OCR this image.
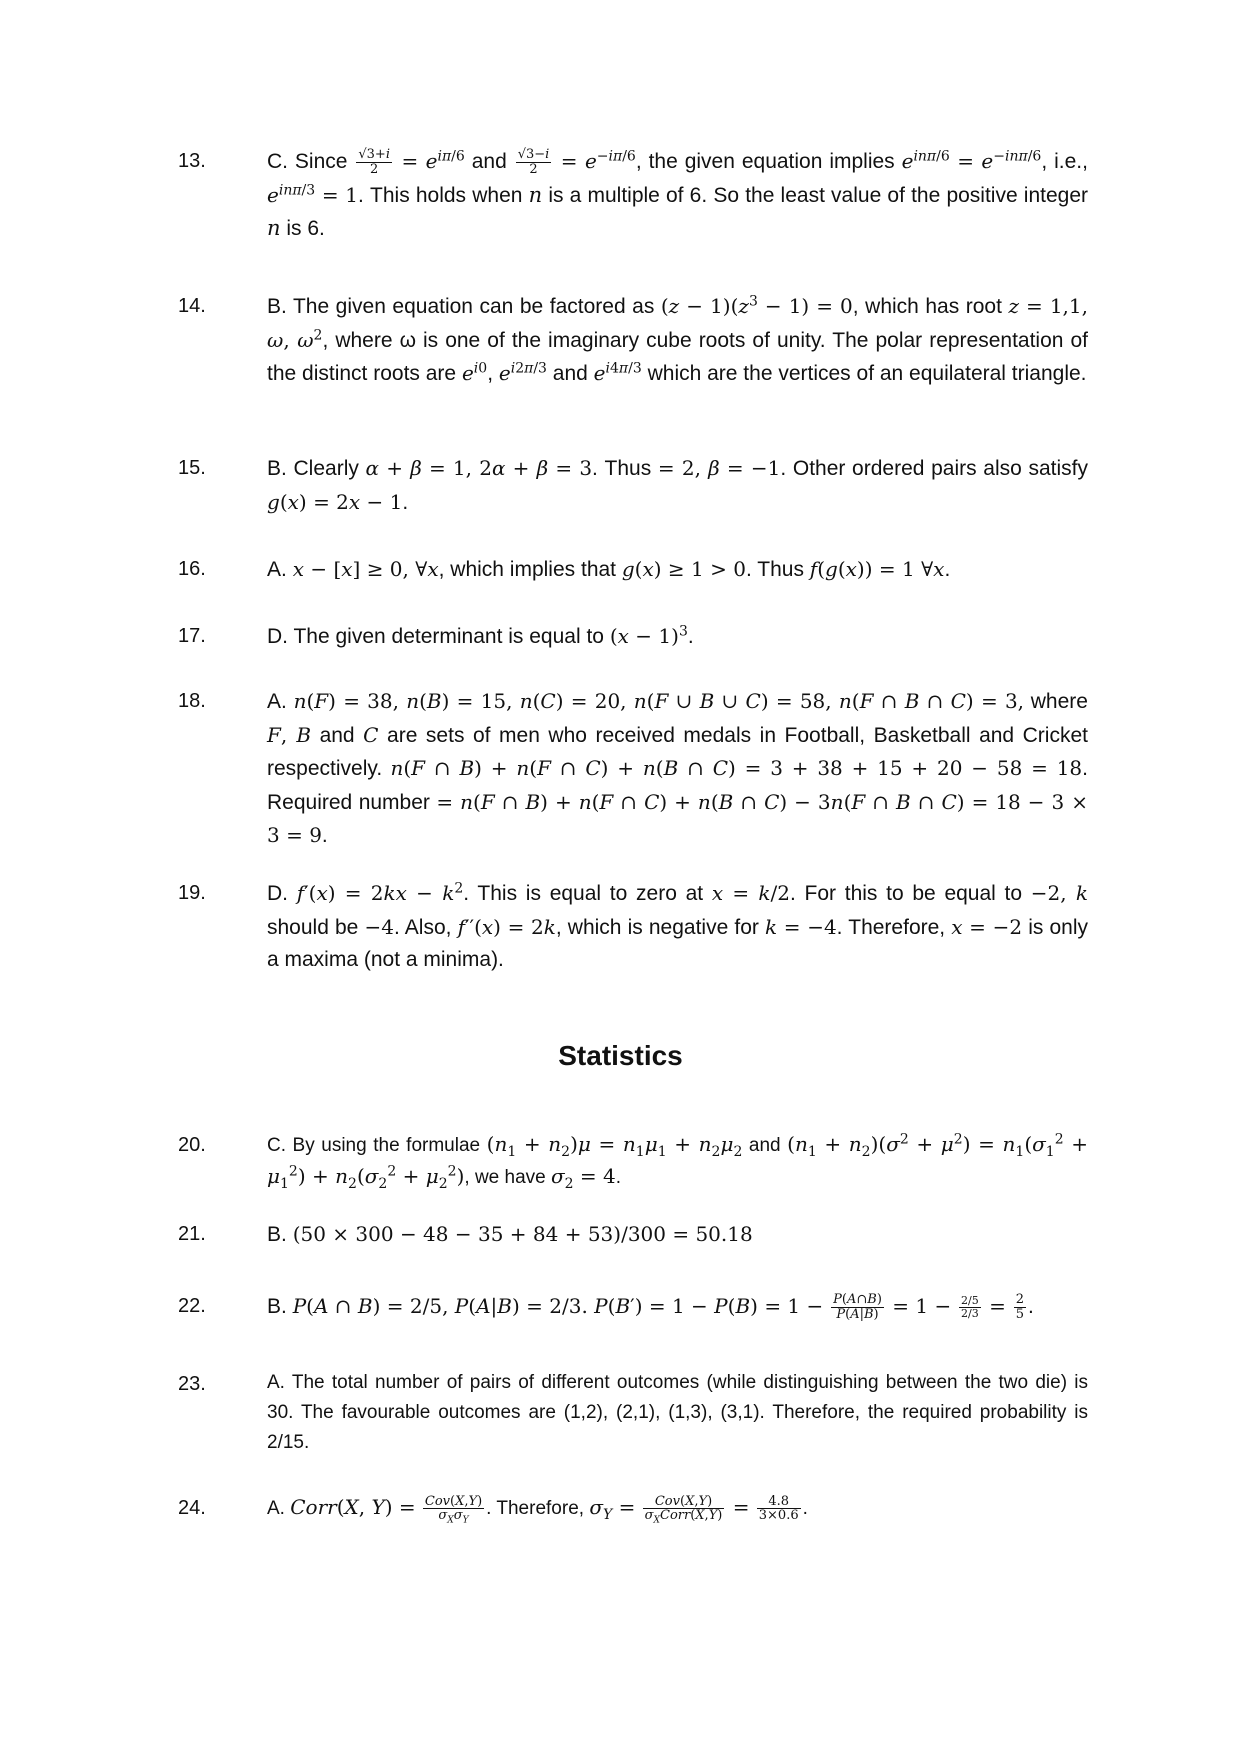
13.	C. Since $\frac{√3+i}{2} = e^{i\pi/6}$ and $\frac{√3-i}{2} = e^{-i\pi/6}$, the given equation implies $e^{in\pi/6} = e^{-in\pi/6}$, i.e., $e^{in\pi/3} = 1$. This holds when n is a multiple of 6. So the least value of the positive integer n is 6.
14.	B. The given equation can be factored as $(z - 1)(z^3 - 1) = 0$, which has root z = 1,1, ω, $\omega^2$, where ω is one of the imaginary cube roots of unity. The polar representation of the distinct roots are $e^{i0}$, $e^{i2\pi/3}$ and $e^{i4\pi/3}$ which are the vertices of an equilateral triangle.
15.	B. Clearly α + β = 1, 2α + β = 3. Thus = 2, β = −1. Other ordered pairs also satisfy g(x) = 2x − 1.
16.	A. x − [x] ≥ 0, ∀x, which implies that g(x) ≥ 1 > 0. Thus f(g(x)) = 1 ∀x.
17.	D. The given determinant is equal to $(x - 1)^3$.
18.	A. n(F) = 38, n(B) = 15, n(C) = 20, n(F ∪ B ∪ C) = 58, n(F ∩ B ∩ C) = 3, where F, B and C are sets of men who received medals in Football, Basketball and Cricket respectively. n(F ∩ B) + n(F ∩ C) + n(B ∩ C) = 3 + 38 + 15 + 20 − 58 = 18. Required number = n(F ∩ B) + n(F ∩ C) + n(B ∩ C) − 3n(F ∩ B ∩ C) = 18 − 3 × 3 = 9.
19.	D. $f'(x) = 2kx - k^2$. This is equal to zero at x = k/2. For this to be equal to −2, k should be −4. Also, f′′(x) = 2k, which is negative for k = −4. Therefore, x = −2 is only a maxima (not a minima).
Statistics
20.	C. By using the formulae $(n_1 + n_2)\mu = n_1\mu_1 + n_2\mu_2$ and $(n_1 + n_2)(\sigma^2 + \mu^2) = n_1(\sigma_1^2 + \mu_1^2) + n_2(\sigma_2^2 + \mu_2^2)$, we have $\sigma_2 = 4$.
21.	B. (50 × 300 − 48 − 35 + 84 + 53)/300 = 50.18
22.	B. P(A ∩ B) = 2/5, P(A|B) = 2/3. $P(B') = 1 - P(B) = 1 - \frac{P(A\cap B)}{P(A|B)} = 1 - \frac{2/5}{2/3} = \frac{2}{5}$ .
23.	A. The total number of pairs of different outcomes (while distinguishing between the two die) is 30. The favourable outcomes are (1,2), (2,1), (1,3), (3,1). Therefore, the required probability is 2/15.
24.	A. Corr(X, $Y) = \frac{\text{Cov(X,Y)}}{\sigma_X\sigma_Y}$ . Therefore, $\sigma_Y = \frac{\text{Cov(X,Y)}}{\sigma_XCorr(X,Y)} = \frac{4.8}{3\times 0.6}$ .
